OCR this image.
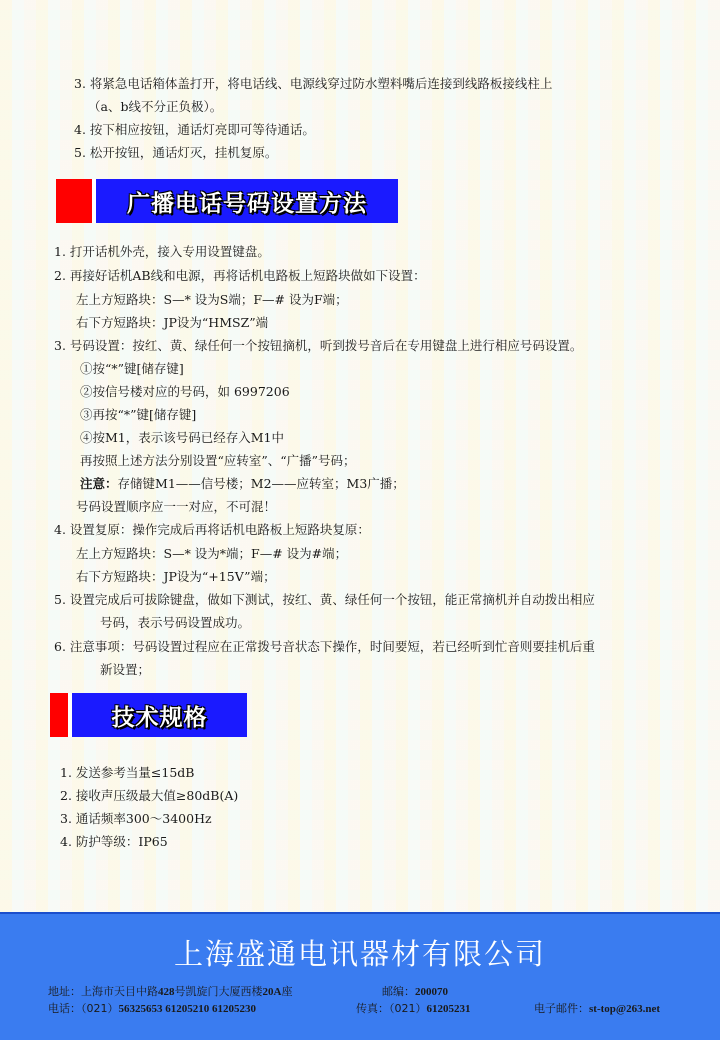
3. 将紧急电话箱体盖打开，将电话线、电源线穿过防水塑料嘴后连接到线路板接线柱上
（a、b线不分正负极）。
4. 按下相应按钮，通话灯亮即可等待通话。
5. 松开按钮，通话灯灭，挂机复原。
广播电话号码设置方法
1. 打开话机外壳，接入专用设置键盘。
2. 再接好话机AB线和电源，再将话机电路板上短路块做如下设置：
左上方短路块：S—* 设为S端；F—# 设为F端；
右下方短路块：JP设为“HMSZ”端
3. 号码设置：按红、黄、绿任何一个按钮摘机，听到拨号音后在专用键盘上进行相应号码设置。
①按“*”键[储存键]
②按信号楼对应的号码，如 6997206
③再按“*”键[储存键]
④按M1，表示该号码已经存入M1中
再按照上述方法分别设置“应转室”、“广播”号码；
注意：存储键M1——信号楼；M2——应转室；M3广播；
号码设置顺序应一一对应，不可混！
4. 设置复原：操作完成后再将话机电路板上短路块复原：
左上方短路块：S—* 设为*端；F—# 设为#端；
右下方短路块：JP设为“+15V”端；
5. 设置完成后可拔除键盘，做如下测试，按红、黄、绿任何一个按钮，能正常摘机并自动拨出相应
号码，表示号码设置成功。
6. 注意事项：号码设置过程应在正常拨号音状态下操作，时间要短，若已经听到忙音则要挂机后重
新设置；
技术规格
1. 发送参考当量≤15dB
2. 接收声压级最大值≥80dB(A)
3. 通话频率300～3400Hz
4. 防护等级：IP65
上海盛通电讯器材有限公司
地址：上海市天目中路428号凯旋门大厦西楼20A座	邮编：200070
电话：（021）56325653 61205210 61205230	传真：（021）61205231	电子邮件：st-top@263.net
